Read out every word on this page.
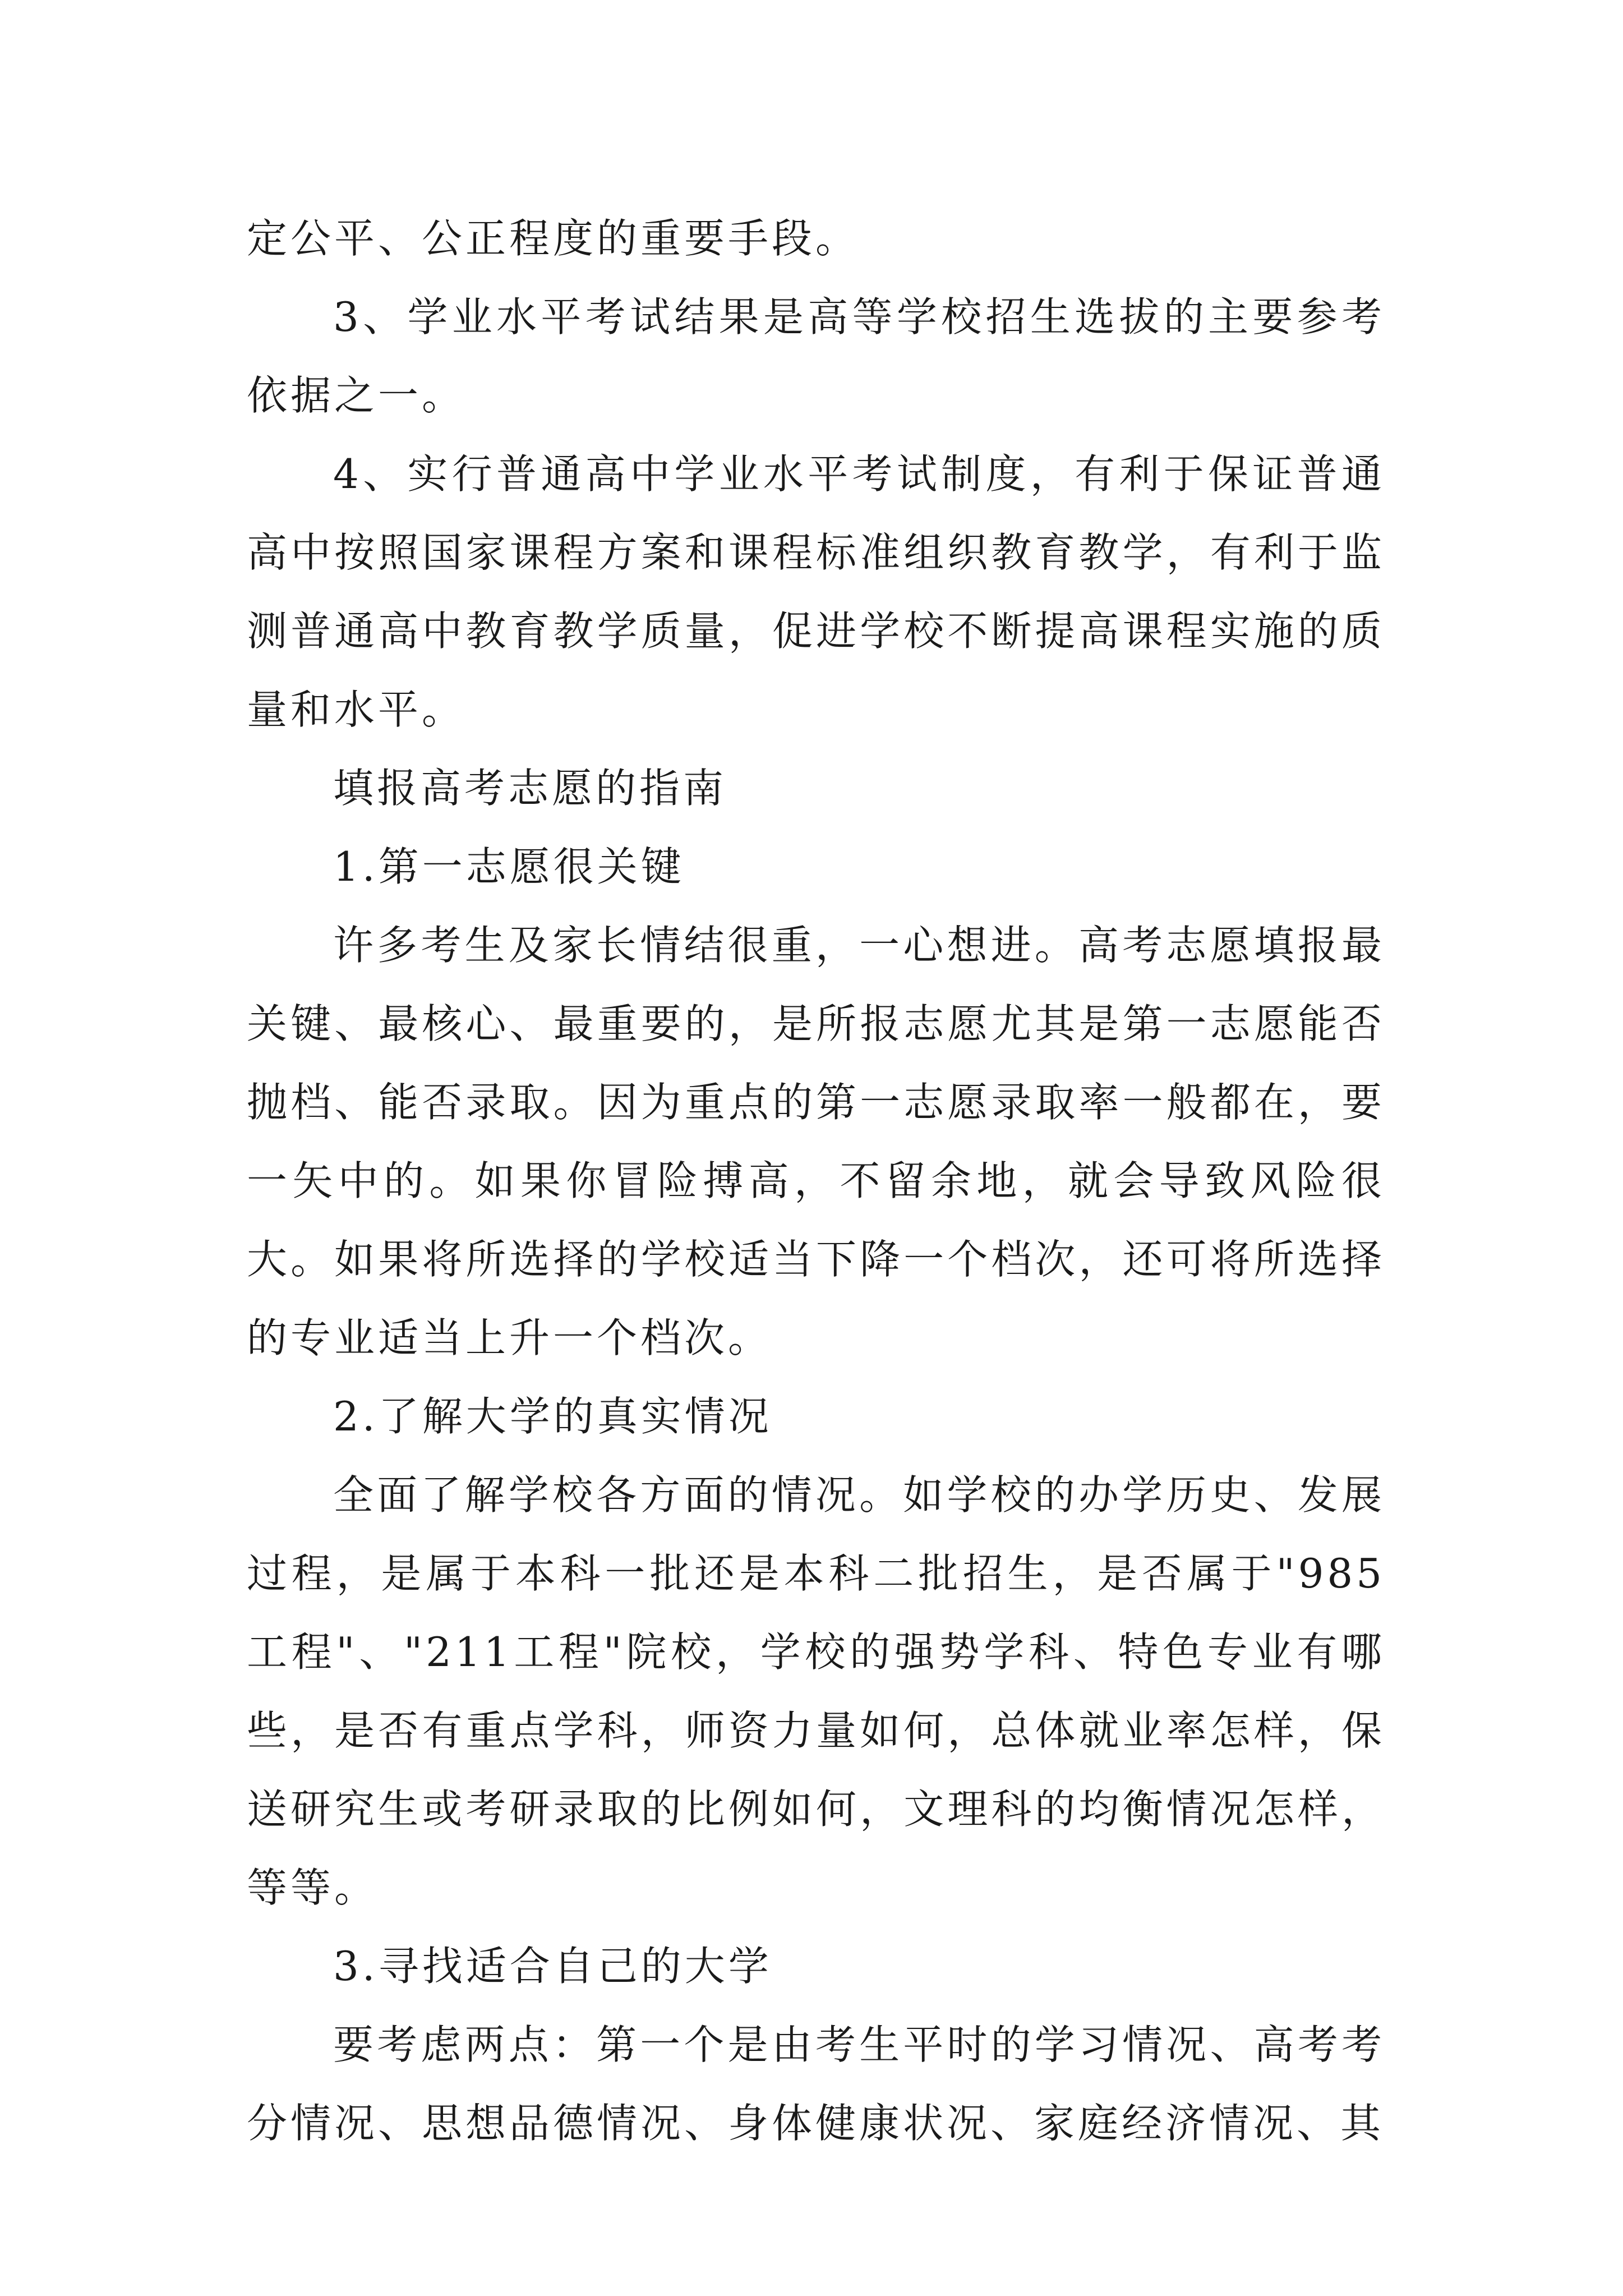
定公平、公正程度的重要手段。

3、学业水平考试结果是高等学校招生选拔的主要参考依据之一。

4、实行普通高中学业水平考试制度，有利于保证普通高中按照国家课程方案和课程标准组织教育教学，有利于监测普通高中教育教学质量，促进学校不断提高课程实施的质量和水平。

填报高考志愿的指南

1.第一志愿很关键

许多考生及家长情结很重，一心想进。高考志愿填报最关键、最核心、最重要的，是所报志愿尤其是第一志愿能否抛档、能否录取。因为重点的第一志愿录取率一般都在，要一矢中的。如果你冒险搏高，不留余地，就会导致风险很大。如果将所选择的学校适当下降一个档次，还可将所选择的专业适当上升一个档次。

2.了解大学的真实情况

全面了解学校各方面的情况。如学校的办学历史、发展过程，是属于本科一批还是本科二批招生，是否属于"985工程"、"211工程"院校，学校的强势学科、特色专业有哪些，是否有重点学科，师资力量如何，总体就业率怎样，保送研究生或考研录取的比例如何，文理科的均衡情况怎样，等等。

3.寻找适合自己的大学

要考虑两点：第一个是由考生平时的学习情况、高考考分情况、思想品德情况、身体健康状况、家庭经济情况、其
